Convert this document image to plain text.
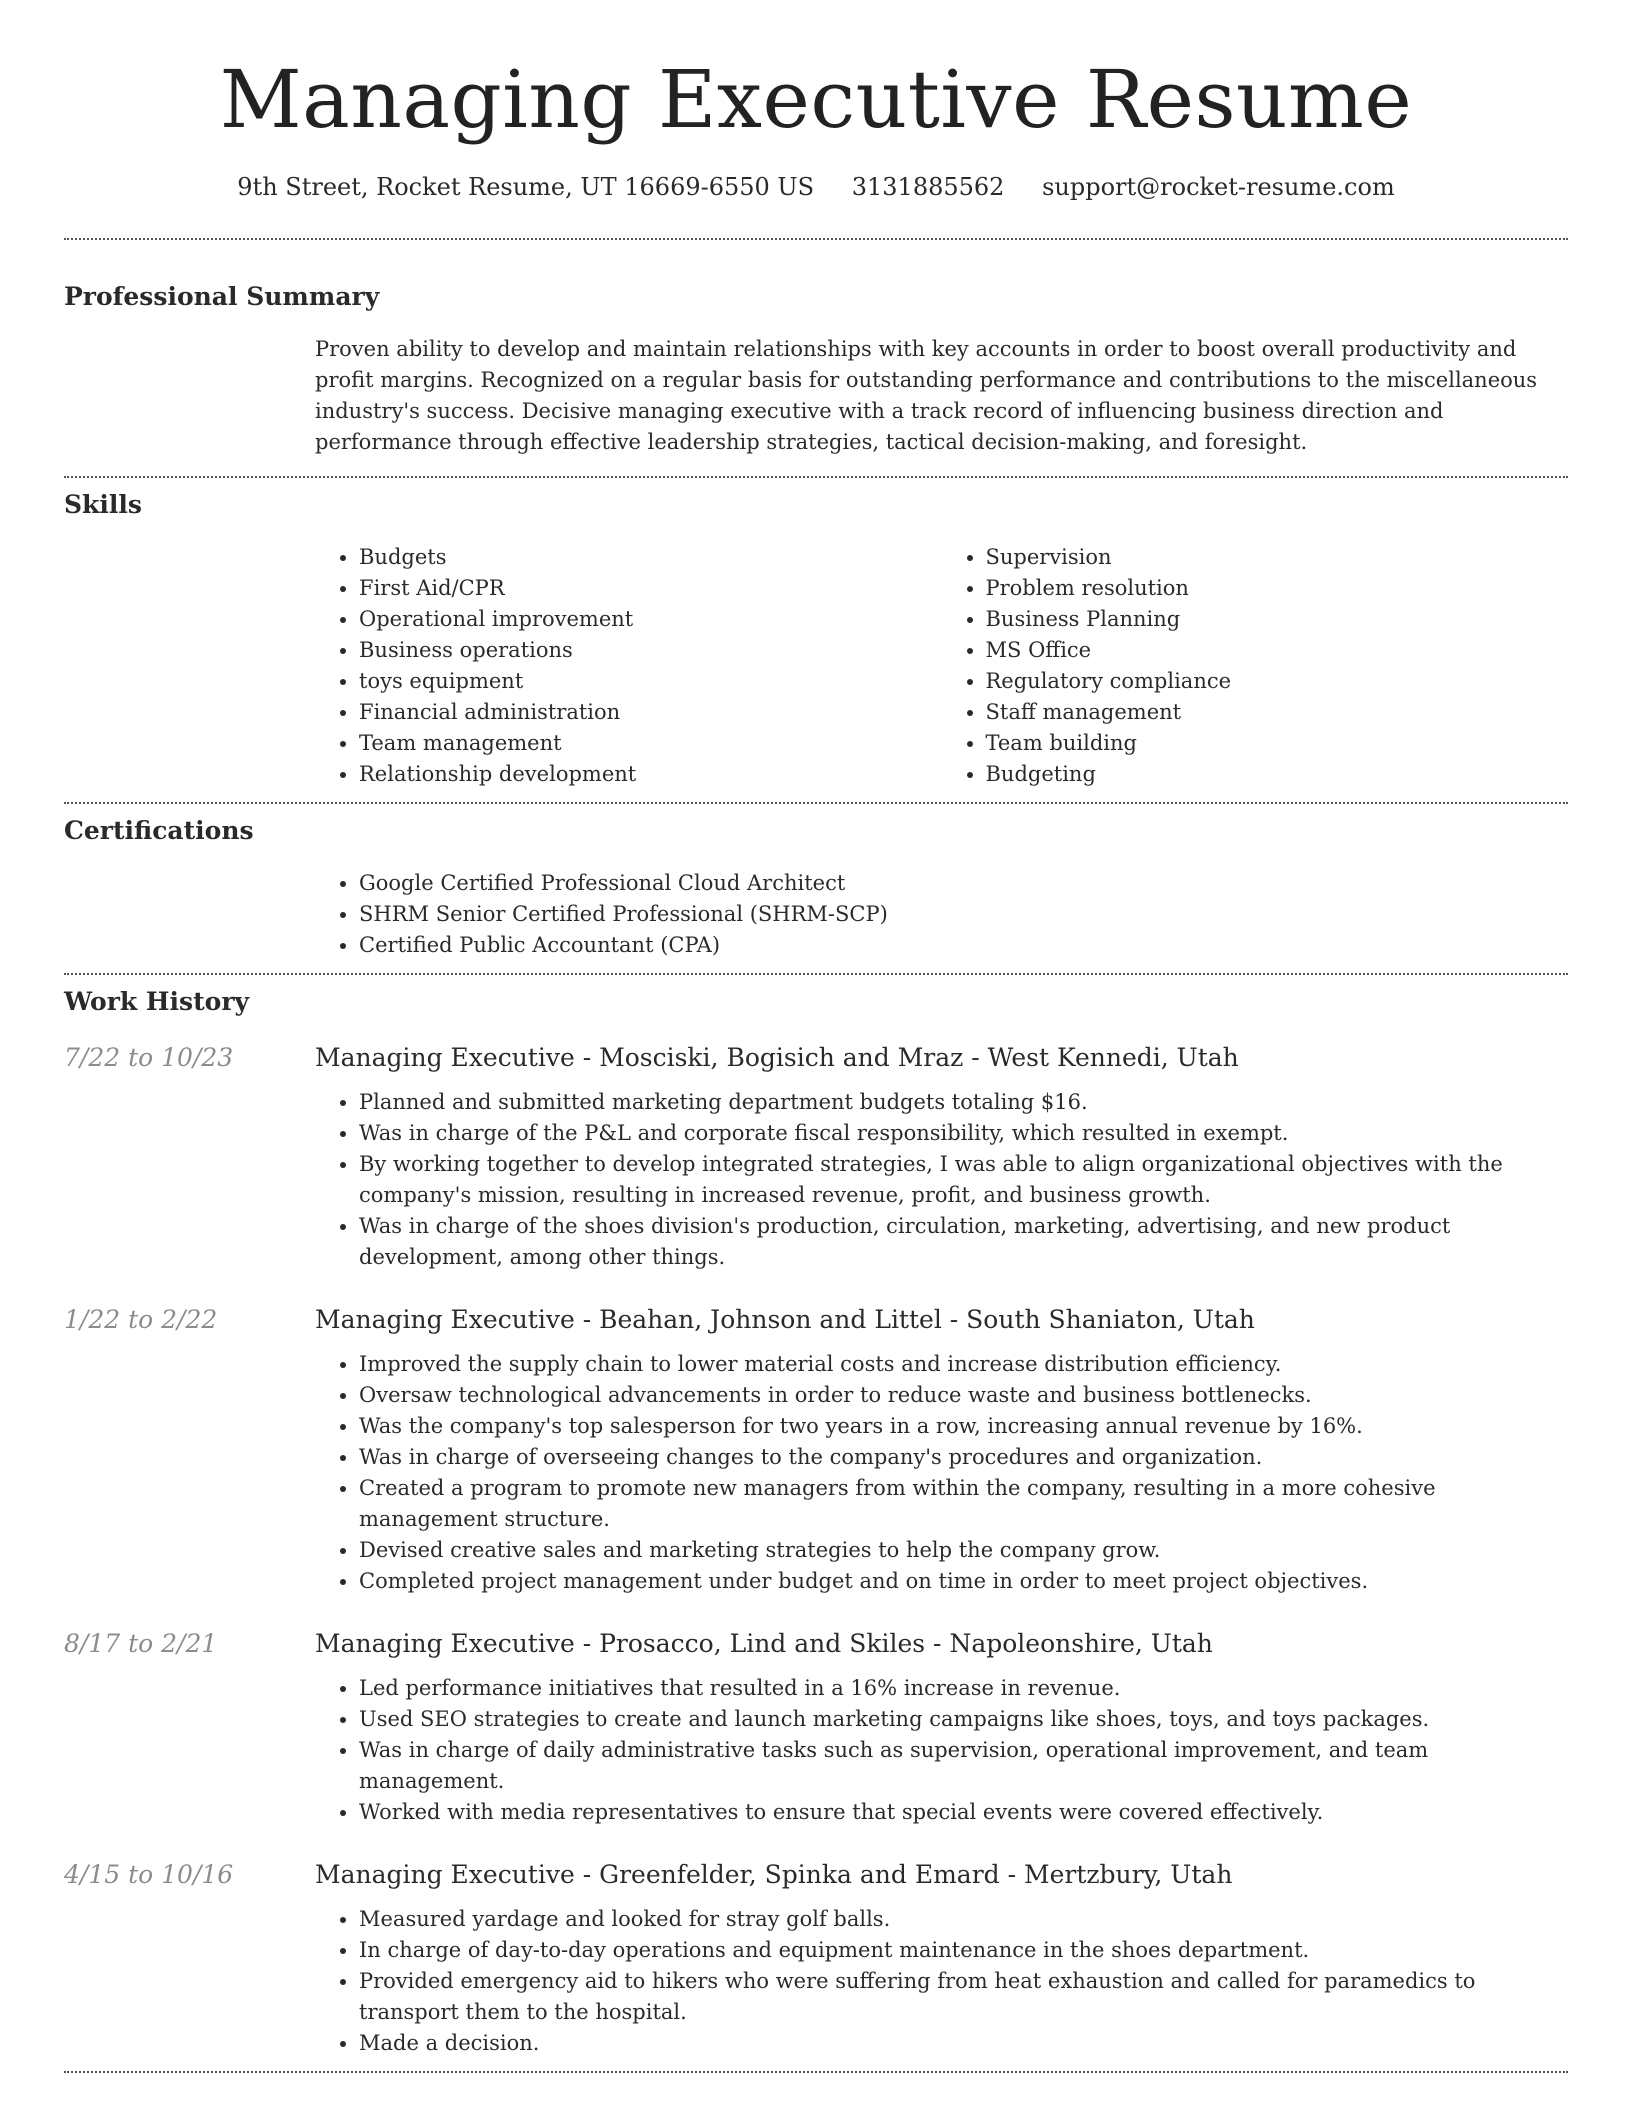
Managing Executive Resume
9th Street, Rocket Resume, UT 16669-6550 US 3131885562 support@rocket-resume.com
Professional Summary

Proven ability to develop and maintain relationships with key accounts in order to boost overall productivity and profit margins. Recognized on a regular basis for outstanding performance and contributions to the miscellaneous industry's success. Decisive managing executive with a track record of influencing business direction and performance through effective leadership strategies, tactical decision-making, and foresight.

Skills
• Budgets
• First Aid/CPR
• Operational improvement
• Business operations
• toys equipment
• Financial administration
• Team management
• Relationship development
• Supervision
• Problem resolution
• Business Planning
• MS Office
• Regulatory compliance
• Staff management
• Team building
• Budgeting
Certifications
• Google Certified Professional Cloud Architect
• SHRM Senior Certified Professional (SHRM-SCP)
• Certified Public Accountant (CPA)
Work History
7/22 to 10/23	Managing Executive - Mosciski, Bogisich and Mraz - West Kennedi, Utah
• Planned and submitted marketing department budgets totaling $16.
• Was in charge of the P&L and corporate fiscal responsibility, which resulted in exempt.
• By working together to develop integrated strategies, I was able to align organizational objectives with the company's mission, resulting in increased revenue, profit, and business growth.
• Was in charge of the shoes division's production, circulation, marketing, advertising, and new product development, among other things.
1/22 to 2/22	Managing Executive - Beahan, Johnson and Littel - South Shaniaton, Utah
• Improved the supply chain to lower material costs and increase distribution efficiency.
• Oversaw technological advancements in order to reduce waste and business bottlenecks.
• Was the company's top salesperson for two years in a row, increasing annual revenue by 16%.
• Was in charge of overseeing changes to the company's procedures and organization.
• Created a program to promote new managers from within the company, resulting in a more cohesive management structure.
• Devised creative sales and marketing strategies to help the company grow.
• Completed project management under budget and on time in order to meet project objectives.
8/17 to 2/21	Managing Executive - Prosacco, Lind and Skiles - Napoleonshire, Utah
• Led performance initiatives that resulted in a 16% increase in revenue.
• Used SEO strategies to create and launch marketing campaigns like shoes, toys, and toys packages.
• Was in charge of daily administrative tasks such as supervision, operational improvement, and team management.
• Worked with media representatives to ensure that special events were covered effectively.
4/15 to 10/16	Managing Executive - Greenfelder, Spinka and Emard - Mertzbury, Utah
• Measured yardage and looked for stray golf balls.
• In charge of day-to-day operations and equipment maintenance in the shoes department.
• Provided emergency aid to hikers who were suffering from heat exhaustion and called for paramedics to transport them to the hospital.
• Made a decision.
